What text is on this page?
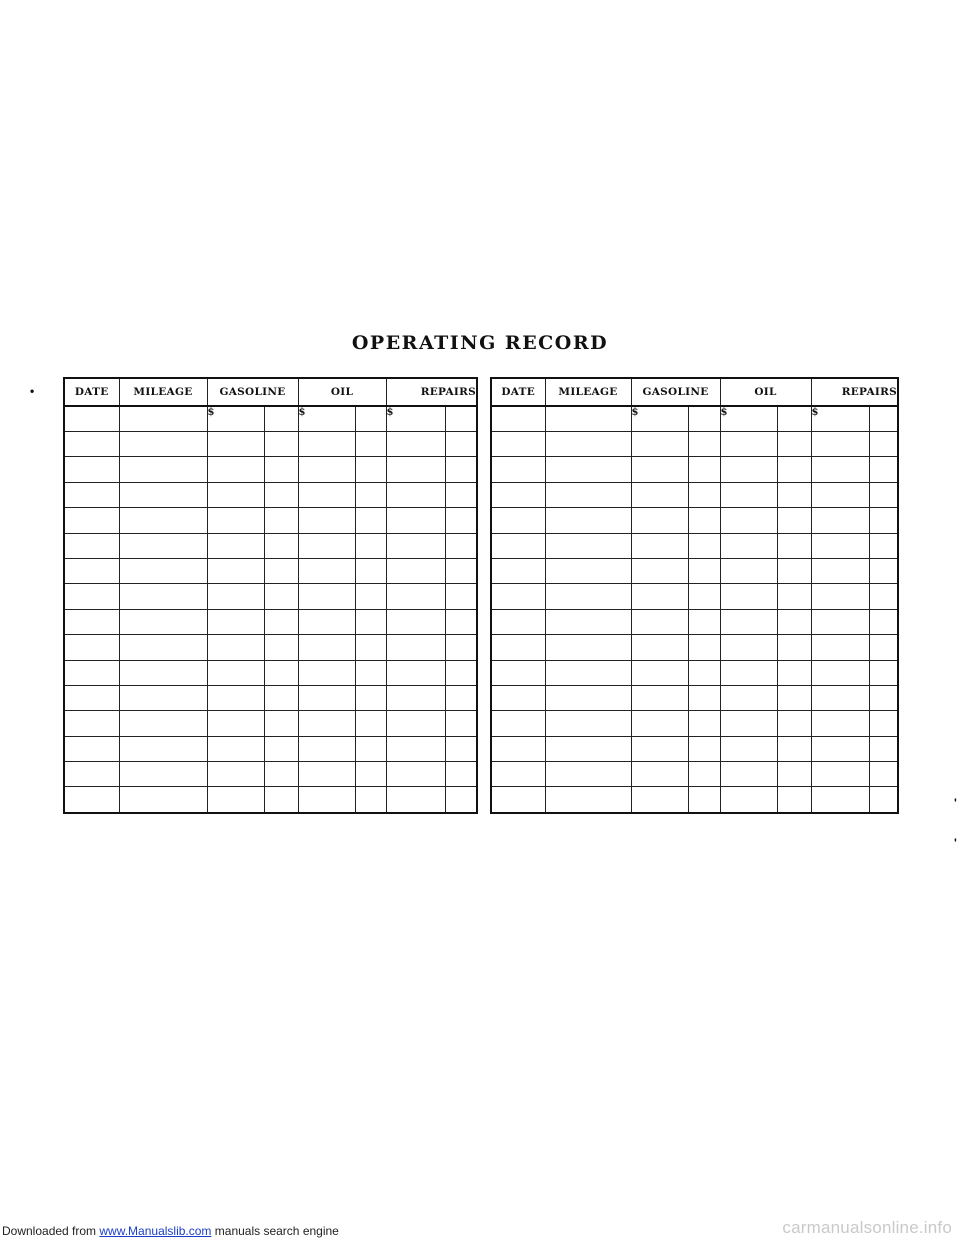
OPERATING RECORD
•
'
'
DATE	MILEAGE	GASOLINE		OIL		REPAIRS	
		$		$		$	

DATE	MILEAGE	GASOLINE		OIL		REPAIRS	
		$		$		$	

Downloaded from www.Manualslib.com manuals search engine	carmanualsonline.info
